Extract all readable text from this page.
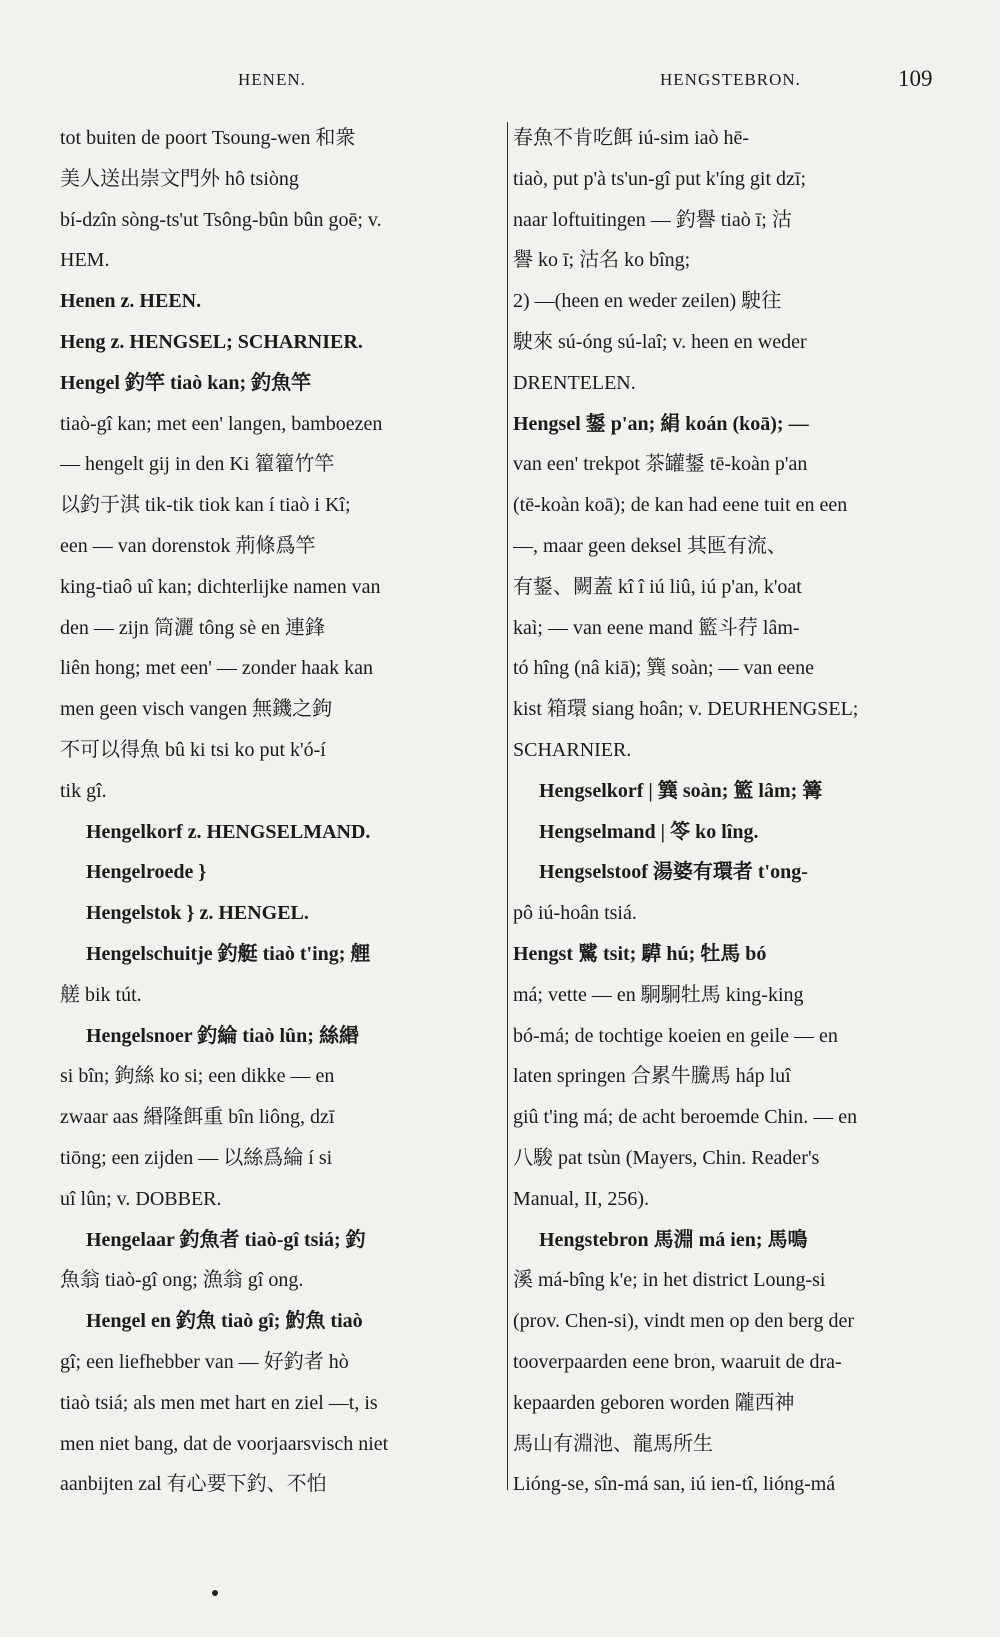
HENEN.	HENGSTEBRON.	109
tot buiten de poort Tsoung-wen 和衆
美人送出崇文門外 hô tsiòng
bí-dzîn sòng-ts'ut Tsông-bûn bûn goē; v.
HEM.
Henen z. HEEN.
Heng z. HENGSEL; SCHARNIER.
Hengel 釣竿 tiaò kan; 釣魚竿
tiaò-gî kan; met een' langen, bamboezen
— hengelt gij in den Ki 籊籊竹竿
以釣于淇 tik-tik tiok kan í tiaò i Kî;
een — van dorenstok 荊條爲竿
king-tiaô uî kan; dichterlijke namen van
den — zijn 筒灑 tông sè en 連鋒
liên hong; met een' — zonder haak kan
men geen visch vangen 無鐖之鉤
不可以得魚 bû ki tsi ko put k'ó-í
tik gî.
Hengelkorf z. HENGSELMAND.
Hengelroede }
Hengelstok } z. HENGEL.
Hengelschuitje 釣艇 tiaò t'ing; 艃
艖 bik tút.
Hengelsnoer 釣綸 tiaò lûn; 絲緡
si bîn; 鉤絲 ko si; een dikke — en
zwaar aas 緡隆餌重 bîn liông, dzī
tiōng; een zijden — 以絲爲綸 í si
uî lûn; v. DOBBER.
Hengelaar 釣魚者 tiaò-gî tsiá; 釣
魚翁 tiaò-gî ong; 漁翁 gî ong.
Hengel en 釣魚 tiaò gî; 魡魚 tiaò
gî; een liefhebber van — 好釣者 hò
tiaò tsiá; als men met hart en ziel —t, is
men niet bang, dat de voorjaarsvisch niet
aanbijten zal 有心要下釣、不怕
春魚不肯吃餌 iú-sim iaò hē-
tiaò, put p'à ts'un-gî put k'íng git dzī;
naar loftuitingen — 釣譽 tiaò ī; 沽
譽 ko ī; 沽名 ko bîng;
2) —(heen en weder zeilen) 駛往
駛來 sú-óng sú-laî; v. heen en weder
DRENTELEN.
Hengsel 鋬 p'an; 絹 koán (koā); —
van een' trekpot 茶罐鋬 tē-koàn p'an
(tē-koàn koā); de kan had eene tuit en een
—, maar geen deksel 其匜有流、
有鋬、闕蓋 kî î iú liû, iú p'an, k'oat
kaì; — van eene mand 籃斗荇 lâm-
tó hîng (nâ kiā); 簨 soàn; — van eene
kist 箱環 siang hoân; v. DEURHENGSEL;
SCHARNIER.
Hengselkorf | 簨 soàn; 籃 lâm; 篝
Hengselmand | 笭 ko lîng.
Hengselstoof 湯婆有環者 t'ong-
pô iú-hoân tsiá.
Hengst 騭 tsit; 騲 hú; 牡馬 bó
má; vette — en 駉駉牡馬 king-king
bó-má; de tochtige koeien en geile — en
laten springen 合累牛騰馬 háp luî
giû t'ing má; de acht beroemde Chin. — en
八駿 pat tsùn (Mayers, Chin. Reader's
Manual, II, 256).
Hengstebron 馬淵 má ien; 馬鳴
溪 má-bîng k'e; in het district Loung-si
(prov. Chen-si), vindt men op den berg der
tooverpaarden eene bron, waaruit de dra-
kepaarden geboren worden 隴西神
馬山有淵池、龍馬所生
Lióng-se, sîn-má san, iú ien-tî, lióng-má
